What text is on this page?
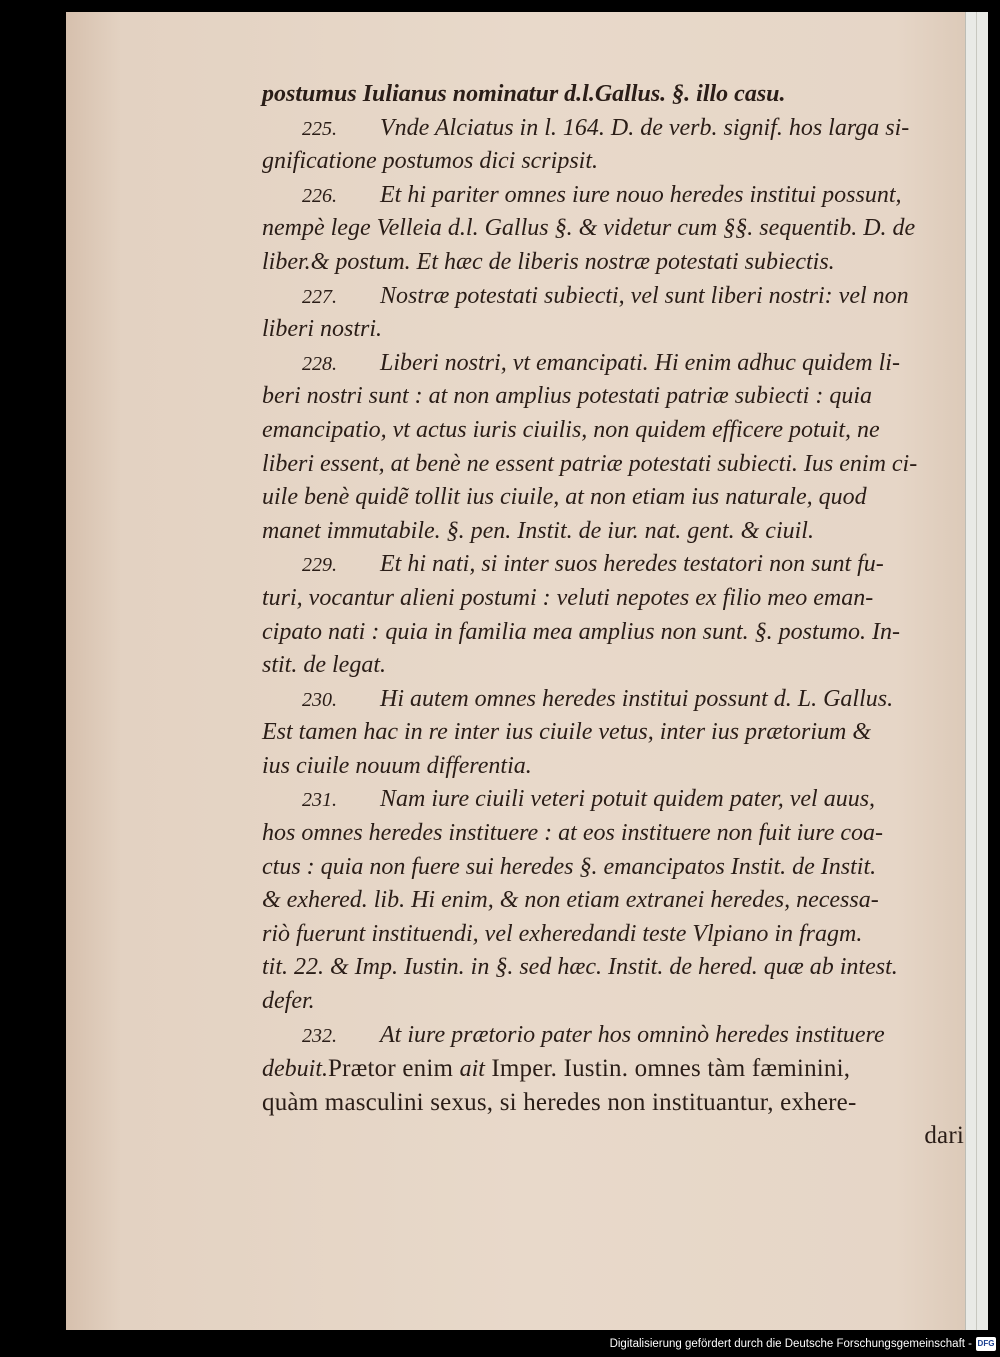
postumus Iulianus nominatur d.l.Gallus. §. illo casu.
225. Vnde Alciatus in l. 164. D. de verb. signif. hos larga si-
gnificatione postumos dici scripsit.
226. Et hi pariter omnes iure nouo heredes institui possunt,
nempè lege Velleia d.l. Gallus §. & videtur cum §§. sequentib. D. de
liber.& postum. Et hæc de liberis nostræ potestati subiectis.
227. Nostræ potestati subiecti, vel sunt liberi nostri: vel non
liberi nostri.
228. Liberi nostri, vt emancipati. Hi enim adhuc quidem li-
beri nostri sunt : at non amplius potestati patriæ subiecti : quia
emancipatio, vt actus iuris ciuilis, non quidem efficere potuit, ne
liberi essent, at benè ne essent patriæ potestati subiecti. Ius enim ci-
uile benè quidẽ tollit ius ciuile, at non etiam ius naturale, quod
manet immutabile. §. pen. Instit. de iur. nat. gent. & ciuil.
229. Et hi nati, si inter suos heredes testatori non sunt fu-
turi, vocantur alieni postumi : veluti nepotes ex filio meo eman-
cipato nati : quia in familia mea amplius non sunt. §. postumo. In-
stit. de legat.
230. Hi autem omnes heredes institui possunt d. L. Gallus.
Est tamen hac in re inter ius ciuile vetus, inter ius prætorium &
ius ciuile nouum differentia.
231. Nam iure ciuili veteri potuit quidem pater, vel auus,
hos omnes heredes instituere : at eos instituere non fuit iure coa-
ctus : quia non fuere sui heredes §. emancipatos Instit. de Instit.
& exhered. lib. Hi enim, & non etiam extranei heredes, necessa-
riò fuerunt instituendi, vel exheredandi teste Vlpiano in fragm.
tit. 22. & Imp. Iustin. in §. sed hæc. Instit. de hered. quæ ab intest.
defer.
232. At iure prætorio pater hos omninò heredes instituere
debuit.Prætor enim ait Imper. Iustin. omnes tàm fæminini,
quàm masculini sexus, si heredes non instituantur, exhere-
dari
Digitalisierung gefördert durch die Deutsche Forschungsgemeinschaft - DFG
